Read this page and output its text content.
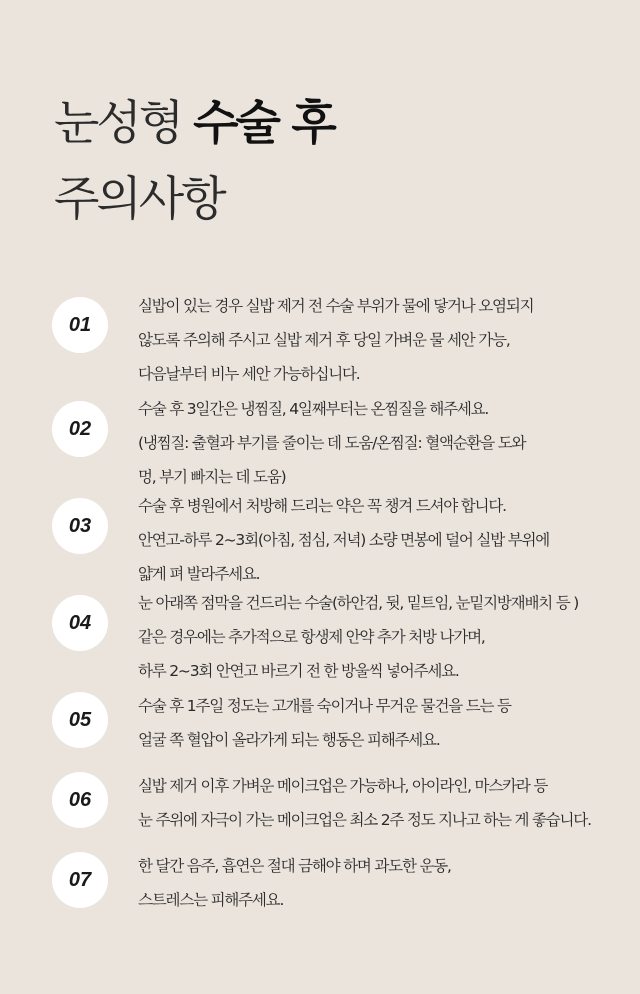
눈성형 수술 후
주의사항
01
실밥이 있는 경우 실밥 제거 전 수술 부위가 물에 닿거나 오염되지
않도록 주의해 주시고 실밥 제거 후 당일 가벼운 물 세안 가능,
다음날부터 비누 세안 가능하십니다.
02
수술 후 3일간은 냉찜질, 4일째부터는 온찜질을 해주세요.
(냉찜질: 출혈과 부기를 줄이는 데 도움/온찜질: 혈액순환을 도와
멍, 부기 빠지는 데 도움)
03
수술 후 병원에서 처방해 드리는 약은 꼭 챙겨 드셔야 합니다.
안연고-하루 2~3회(아침, 점심, 저녁) 소량 면봉에 덜어 실밥 부위에
얇게 펴 발라주세요.
04
눈 아래쪽 점막을 건드리는 수술(하안검, 뒷, 밑트임, 눈밑지방재배치 등 )
같은 경우에는 추가적으로 항생제 안약 추가 처방 나가며,
하루 2~3회 안연고 바르기 전 한 방울씩 넣어주세요.
05
수술 후 1주일 정도는 고개를 숙이거나 무거운 물건을 드는 등
얼굴 쪽 혈압이 올라가게 되는 행동은 피해주세요.
06
실밥 제거 이후 가벼운 메이크업은 가능하나, 아이라인, 마스카라 등
눈 주위에 자극이 가는 메이크업은 최소 2주 정도 지나고 하는 게 좋습니다.
07
한 달간 음주, 흡연은 절대 금해야 하며 과도한 운동,
스트레스는 피해주세요.
